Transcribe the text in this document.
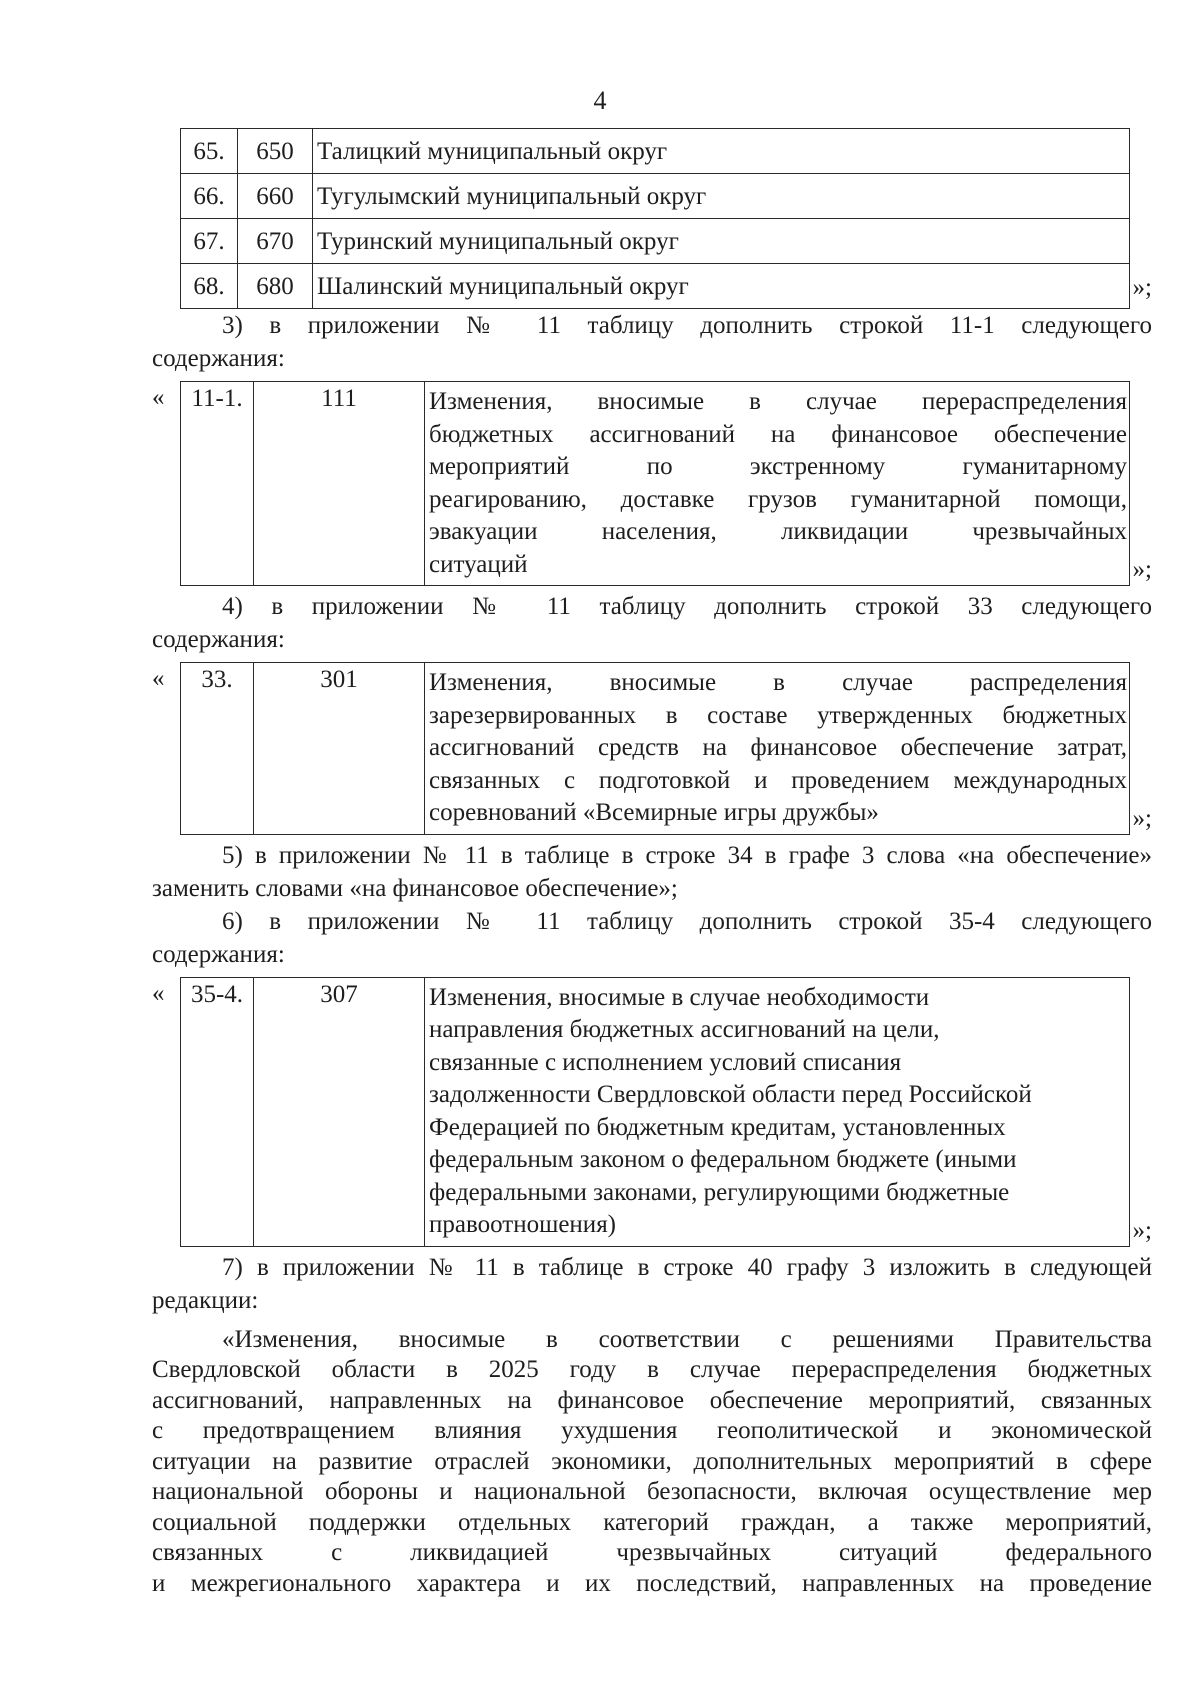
4
65.	650	Талицкий муниципальный округ
66.	660	Тугулымский муниципальный округ
67.	670	Туринский муниципальный округ
68.	680	Шалинский муниципальный округ	»;

3) в приложении № 11 таблицу дополнить строкой 11-1 следующего

содержания:

« 11-1.	111	Изменения, вносимые в случае перераспределения
бюджетных ассигнований на финансовое обеспечение
мероприятий по экстренному гуманитарному
реагированию, доставке грузов гуманитарной помощи,
эвакуации населения, ликвидации чрезвычайных
ситуаций	»;

4) в приложении № 11 таблицу дополнить строкой 33 следующего

содержания:

« 33.	301	Изменения, вносимые в случае распределения
зарезервированных в составе утвержденных бюджетных
ассигнований средств на финансовое обеспечение затрат,
связанных с подготовкой и проведением международных
соревнований «Всемирные игры дружбы»	»;

5) в приложении № 11 в таблице в строке 34 в графе 3 слова «на обеспечение»

заменить словами «на финансовое обеспечение»;

6) в приложении № 11 таблицу дополнить строкой 35-4 следующего

содержания:

« 35-4.	307	Изменения, вносимые в случае необходимости
направления бюджетных ассигнований на цели,
связанные с исполнением условий списания
задолженности Свердловской области перед Российской
Федерацией по бюджетным кредитам, установленных
федеральным законом о федеральном бюджете (иными
федеральными законами, регулирующими бюджетные
правоотношения)	»;

7) в приложении № 11 в таблице в строке 40 графу 3 изложить в следующей

редакции:

«Изменения, вносимые в соответствии с решениями Правительства
Свердловской области в 2025 году в случае перераспределения бюджетных
ассигнований, направленных на финансовое обеспечение мероприятий, связанных
с предотвращением влияния ухудшения геополитической и экономической
ситуации на развитие отраслей экономики, дополнительных мероприятий в сфере
национальной обороны и национальной безопасности, включая осуществление мер
социальной поддержки отдельных категорий граждан, а также мероприятий,
связанных с ликвидацией чрезвычайных ситуаций федерального
и межрегионального характера и их последствий, направленных на проведение
